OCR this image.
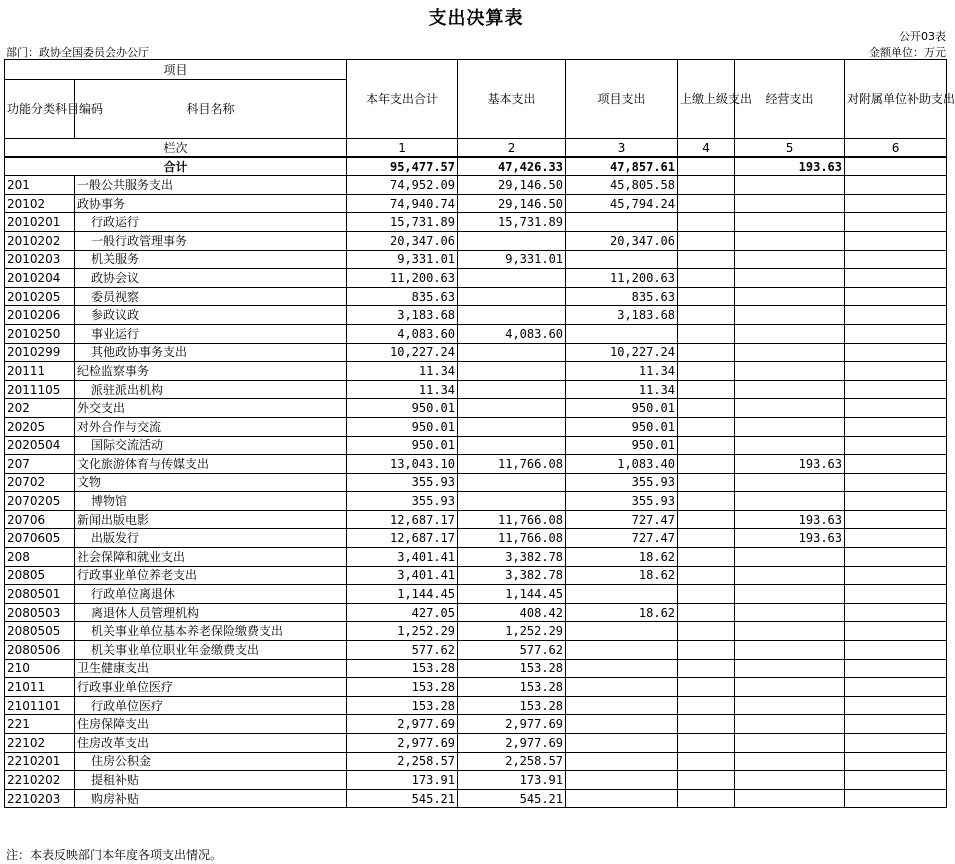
支出决算表
公开03表
部门：政协全国委员会办公厅	金额单位：万元
项目		本年支出合计	基本支出	项目支出	上缴上级支出	经营支出	对附属单位补助支出
功能分类科目编码	科目名称						
栏次		1	2	3	4	5	6
合计		95,477.57	47,426.33	47,857.61		193.63	
201	一般公共服务支出	74,952.09	29,146.50	45,805.58			
20102	政协事务	74,940.74	29,146.50	45,794.24			
2010201	行政运行	15,731.89	15,731.89				
2010202	一般行政管理事务	20,347.06		20,347.06			
2010203	机关服务	9,331.01	9,331.01				
2010204	政协会议	11,200.63		11,200.63			
2010205	委员视察	835.63		835.63			
2010206	参政议政	3,183.68		3,183.68			
2010250	事业运行	4,083.60	4,083.60				
2010299	其他政协事务支出	10,227.24		10,227.24			
20111	纪检监察事务	11.34		11.34			
2011105	派驻派出机构	11.34		11.34			
202	外交支出	950.01		950.01			
20205	对外合作与交流	950.01		950.01			
2020504	国际交流活动	950.01		950.01			
207	文化旅游体育与传媒支出	13,043.10	11,766.08	1,083.40		193.63	
20702	文物	355.93		355.93			
2070205	博物馆	355.93		355.93			
20706	新闻出版电影	12,687.17	11,766.08	727.47		193.63	
2070605	出版发行	12,687.17	11,766.08	727.47		193.63	
208	社会保障和就业支出	3,401.41	3,382.78	18.62			
20805	行政事业单位养老支出	3,401.41	3,382.78	18.62			
2080501	行政单位离退休	1,144.45	1,144.45				
2080503	离退休人员管理机构	427.05	408.42	18.62			
2080505	机关事业单位基本养老保险缴费支出	1,252.29	1,252.29				
2080506	机关事业单位职业年金缴费支出	577.62	577.62				
210	卫生健康支出	153.28	153.28				
21011	行政事业单位医疗	153.28	153.28				
2101101	行政单位医疗	153.28	153.28				
221	住房保障支出	2,977.69	2,977.69				
22102	住房改革支出	2,977.69	2,977.69				
2210201	住房公积金	2,258.57	2,258.57				
2210202	提租补贴	173.91	173.91				
2210203	购房补贴	545.21	545.21				
注：本表反映部门本年度各项支出情况。
